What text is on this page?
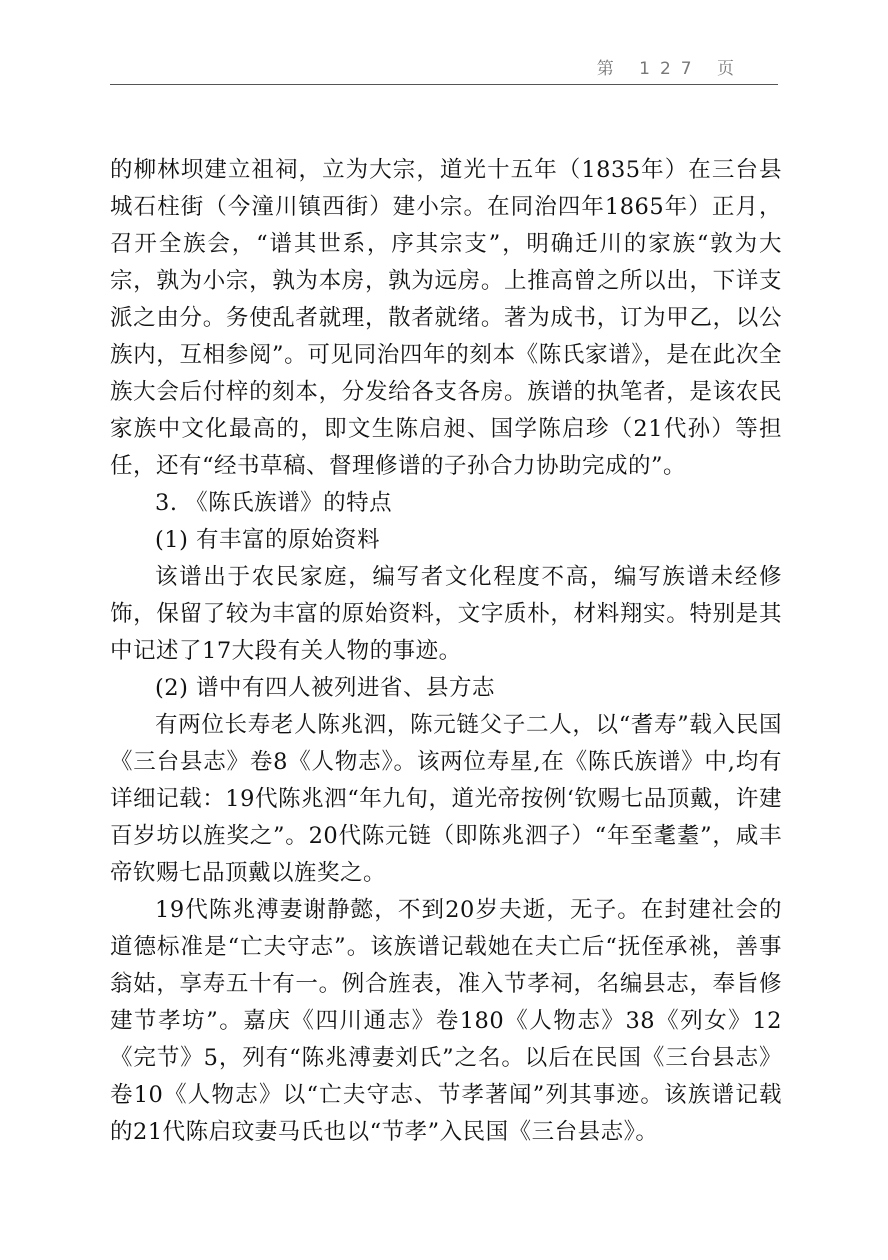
第 127 页

的柳林坝建立祖祠，立为大宗，道光十五年（1835年）在三台县城石柱街（今潼川镇西街）建小宗。在同治四年1865年）正月，召开全族会，“谱其世系，序其宗支”，明确迁川的家族“敦为大宗，孰为小宗，孰为本房，孰为远房。上推高曾之所以出，下详支派之由分。务使乱者就理，散者就绪。著为成书，订为甲乙，以公族内，互相参阅”。可见同治四年的刻本《陈氏家谱》，是在此次全族大会后付梓的刻本，分发给各支各房。族谱的执笔者，是该农民家族中文化最高的，即文生陈启昶、国学陈启珍（21代孙）等担任，还有“经书草稿、督理修谱的子孙合力协助完成的”。

3. 《陈氏族谱》的特点

(1) 有丰富的原始资料

该谱出于农民家庭，编写者文化程度不高，编写族谱未经修饰，保留了较为丰富的原始资料，文字质朴，材料翔实。特别是其中记述了17大段有关人物的事迹。

(2) 谱中有四人被列进省、县方志

有两位长寿老人陈兆泗，陈元链父子二人，以“耆寿”载入民国《三台县志》卷8《人物志》。该两位寿星,在《陈氏族谱》中,均有详细记载：19代陈兆泗“年九旬，道光帝按例‘钦赐七品顶戴，许建百岁坊以旌奖之”。20代陈元链（即陈兆泗子）“年至耄耋”，咸丰帝钦赐七品顶戴以旌奖之。

19代陈兆溥妻谢静懿，不到20岁夫逝，无子。在封建社会的道德标准是“亡夫守志”。该族谱记载她在夫亡后“抚侄承祧，善事翁姑，享寿五十有一。例合旌表，准入节孝祠，名编县志，奉旨修建节孝坊”。嘉庆《四川通志》卷180《人物志》38《列女》12《完节》5，列有“陈兆溥妻刘氏”之名。以后在民国《三台县志》卷10《人物志》以“亡夫守志、节孝著闻”列其事迹。该族谱记载的21代陈启玟妻马氏也以“节孝”入民国《三台县志》。
